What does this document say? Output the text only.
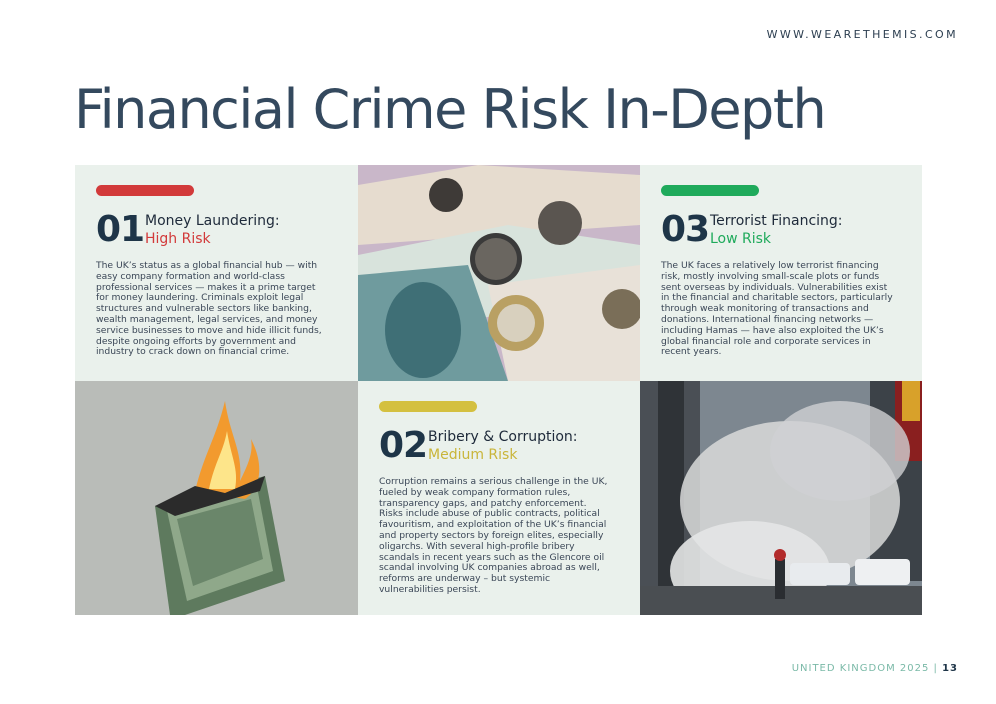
WWW.WEARETHEMIS.COM
Financial Crime Risk In-Depth
01 Money Laundering:
High Risk

The UK’s status as a global financial hub — with easy company formation and world-class professional services — makes it a prime target for money laundering. Criminals exploit legal structures and vulnerable sectors like banking, wealth management, legal services, and money service businesses to move and hide illicit funds, despite ongoing efforts by government and industry to crack down on financial crime.

03 Terrorist Financing:
Low Risk

The UK faces a relatively low terrorist financing risk, mostly involving small-scale plots or funds sent overseas by individuals. Vulnerabilities exist in the financial and charitable sectors, particularly through weak monitoring of transactions and donations. International financing networks — including Hamas — have also exploited the UK’s global financial role and corporate services in recent years.

02 Bribery & Corruption:
Medium Risk

Corruption remains a serious challenge in the UK, fueled by weak company formation rules, transparency gaps, and patchy enforcement. Risks include abuse of public contracts, political favouritism, and exploitation of the UK’s financial and property sectors by foreign elites, especially oligarchs. With several high-profile bribery scandals in recent years such as the Glencore oil scandal involving UK companies abroad as well, reforms are underway – but systemic vulnerabilities persist.

UNITED KINGDOM 2025 | 13
